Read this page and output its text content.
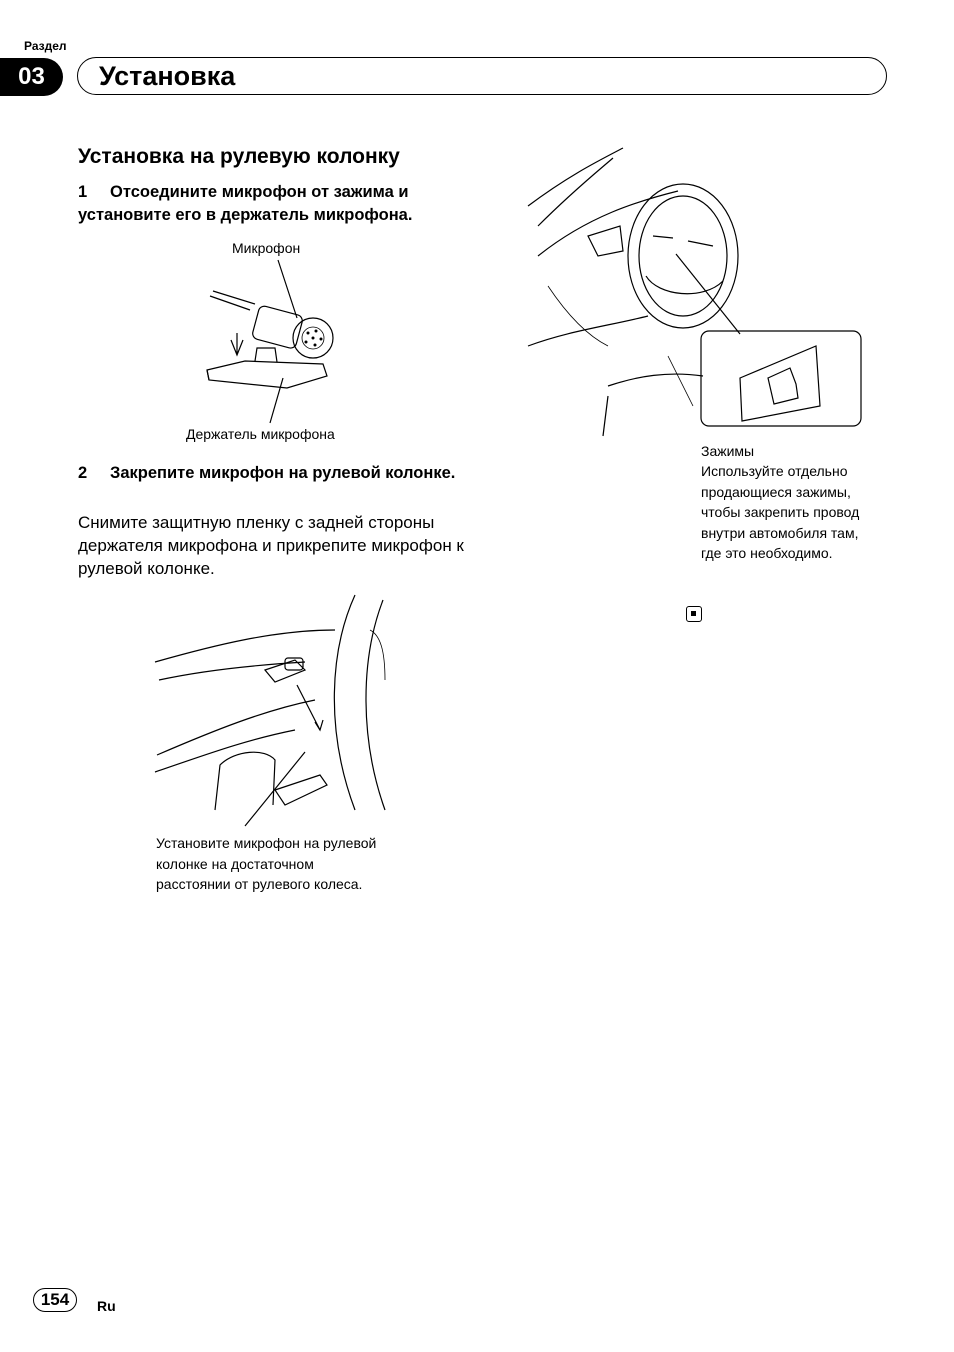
Раздел
03	Установка
Установка на рулевую колонку
1 Отсоедините микрофон от зажима и установите его в держатель микрофона.
Микрофон
Держатель микрофона
2 Закрепите микрофон на рулевой колонке.
Снимите защитную пленку с задней стороны держателя микрофона и прикрепите микрофон к рулевой колонке.
Установите микрофон на рулевой колонке на достаточном расстоянии от рулевого колеса.
Зажимы
Используйте отдельно продающиеся зажимы, чтобы закрепить провод внутри автомобиля там, где это необходимо.
154	Ru
